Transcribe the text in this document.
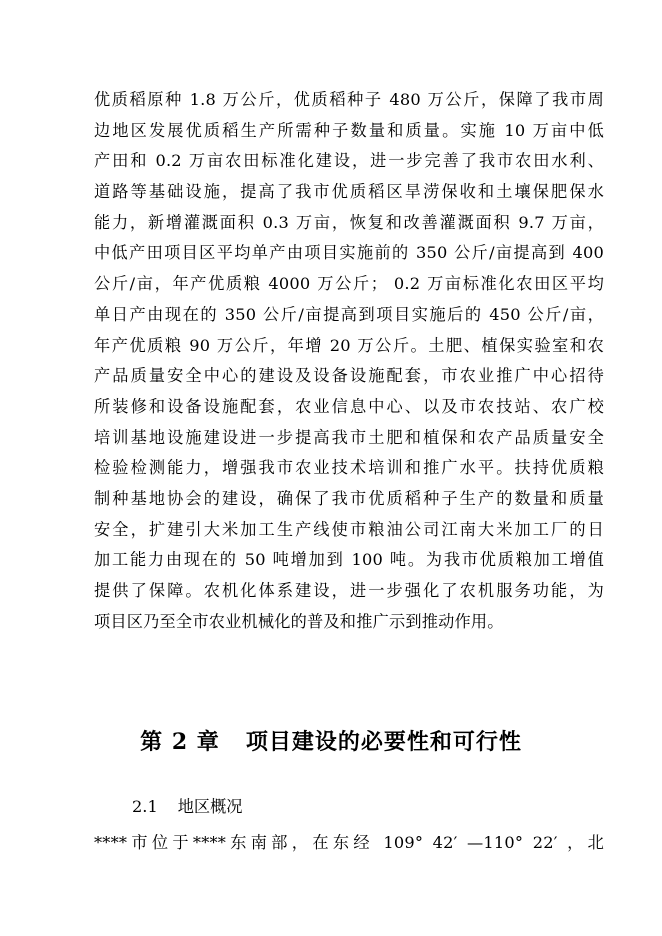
优质稻原种 1.8 万公斤，优质稻种子 480 万公斤，保障了我市周
边地区发展优质稻生产所需种子数量和质量。实施 10 万亩中低
产田和 0.2 万亩农田标准化建设，进一步完善了我市农田水利、
道路等基础设施，提高了我市优质稻区旱涝保收和土壤保肥保水
能力，新增灌溉面积 0.3 万亩，恢复和改善灌溉面积 9.7 万亩，
中低产田项目区平均单产由项目实施前的 350 公斤/亩提高到 400
公斤/亩，年产优质粮 4000 万公斤； 0.2 万亩标准化农田区平均
单日产由现在的 350 公斤/亩提高到项目实施后的 450 公斤/亩，
年产优质粮 90 万公斤，年增 20 万公斤。土肥、植保实验室和农
产品质量安全中心的建设及设备设施配套，市农业推广中心招待
所装修和设备设施配套，农业信息中心、以及市农技站、农广校
培训基地设施建设进一步提高我市土肥和植保和农产品质量安全
检验检测能力，增强我市农业技术培训和推广水平。扶持优质粮
制种基地协会的建设，确保了我市优质稻种子生产的数量和质量
安全，扩建引大米加工生产线使市粮油公司江南大米加工厂的日
加工能力由现在的 50 吨增加到 100 吨。为我市优质粮加工增值
提供了保障。农机化体系建设，进一步强化了农机服务功能，为
项目区乃至全市农业机械化的普及和推广示到推动作用。
第 2 章 项目建设的必要性和可行性
2.1 地区概况
****市位于****东南部，在东经 109° 42′ —110° 22′ ，北
